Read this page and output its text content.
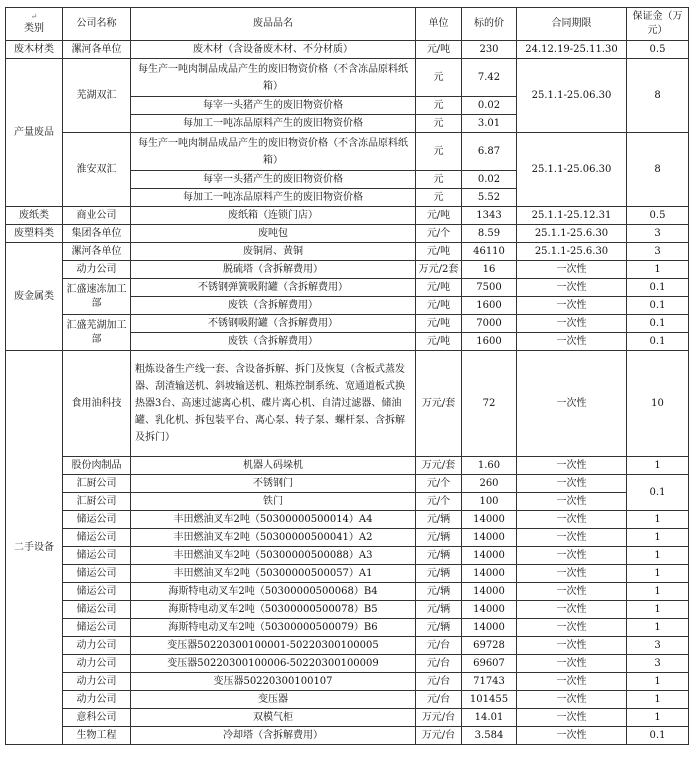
↵
类别	公司名称	废品品名	单位	标的价	合同期限	保证金（万元）
废木材类	漯河各单位	废木材（含设备废木材、不分材质）	元/吨	230	24.12.19-25.11.30	0.5
产量废品	芜湖双汇	每生产一吨肉制品成品产生的废旧物资价格（不含冻品原料纸箱）	元	7.42	25.1.1-25.06.30	8
		每宰一头猪产生的废旧物资价格	元	0.02		
		每加工一吨冻品原料产生的废旧物资价格	元	3.01		
	淮安双汇	每生产一吨肉制品成品产生的废旧物资价格（不含冻品原料纸箱）	元	6.87	25.1.1-25.06.30	8
		每宰一头猪产生的废旧物资价格	元	0.02		
		每加工一吨冻品原料产生的废旧物资价格	元	5.52		
废纸类	商业公司	废纸箱（连锁门店）	元/吨	1343	25.1.1-25.12.31	0.5
废塑料类	集团各单位	废吨包	元/个	8.59	25.1.1-25.6.30	3
废金属类	漯河各单位	废铜屑、黄铜	元/吨	46110	25.1.1-25.6.30	3
	动力公司	脱硫塔（含拆解费用）	万元/2套	16	一次性	1
	汇盛速冻加工部	不锈钢弹簧吸附罐（含拆解费用）	元/吨	7500	一次性	0.1
		废铁（含拆解费用）	元/吨	1600	一次性	0.1
	汇盛芜湖加工部	不锈钢吸附罐（含拆解费用）	元/吨	7000	一次性	0.1
		废铁（含拆解费用）	元/吨	1600	一次性	0.1
二手设备	食用油科技	粗炼设备生产线一套、含设备拆解、拆门及恢复（含板式蒸发器、刮渣输送机、斜坡输送机、粗炼控制系统、宽通道板式换热器3台、高速过滤离心机、碟片离心机、自清过滤器、储油罐、乳化机、拆包装平台、离心泵、转子泵、螺杆泵、含拆解及拆门）	万元/套	72	一次性	10
	股份肉制品	机器人码垛机	万元/套	1.60	一次性	1
	汇厨公司	不锈钢门	元/个	260	一次性	0.1
	汇厨公司	铁门	元/个	100	一次性	
	储运公司	丰田燃油叉车2吨（50300000500014）A4	元/辆	14000	一次性	1
	储运公司	丰田燃油叉车2吨（50300000500041）A2	元/辆	14000	一次性	1
	储运公司	丰田燃油叉车2吨（50300000500088）A3	元/辆	14000	一次性	1
	储运公司	丰田燃油叉车2吨（50300000500057）A1	元/辆	14000	一次性	1
	储运公司	海斯特电动叉车2吨（50300000500068）B4	元/辆	14000	一次性	1
	储运公司	海斯特电动叉车2吨（50300000500078）B5	元/辆	14000	一次性	1
	储运公司	海斯特电动叉车2吨（50300000500079）B6	元/辆	14000	一次性	1
	动力公司	变压器50220300100001-50220300100005	元/台	69728	一次性	3
	动力公司	变压器50220300100006-50220300100009	元/台	69607	一次性	3
	动力公司	变压器50220300100107	元/台	71743	一次性	1
	动力公司	变压器	元/台	101455	一次性	1
	意科公司	双模气柜	万元/台	14.01	一次性	1
	生物工程	冷却塔（含拆解费用）	万元/台	3.584	一次性	0.1
